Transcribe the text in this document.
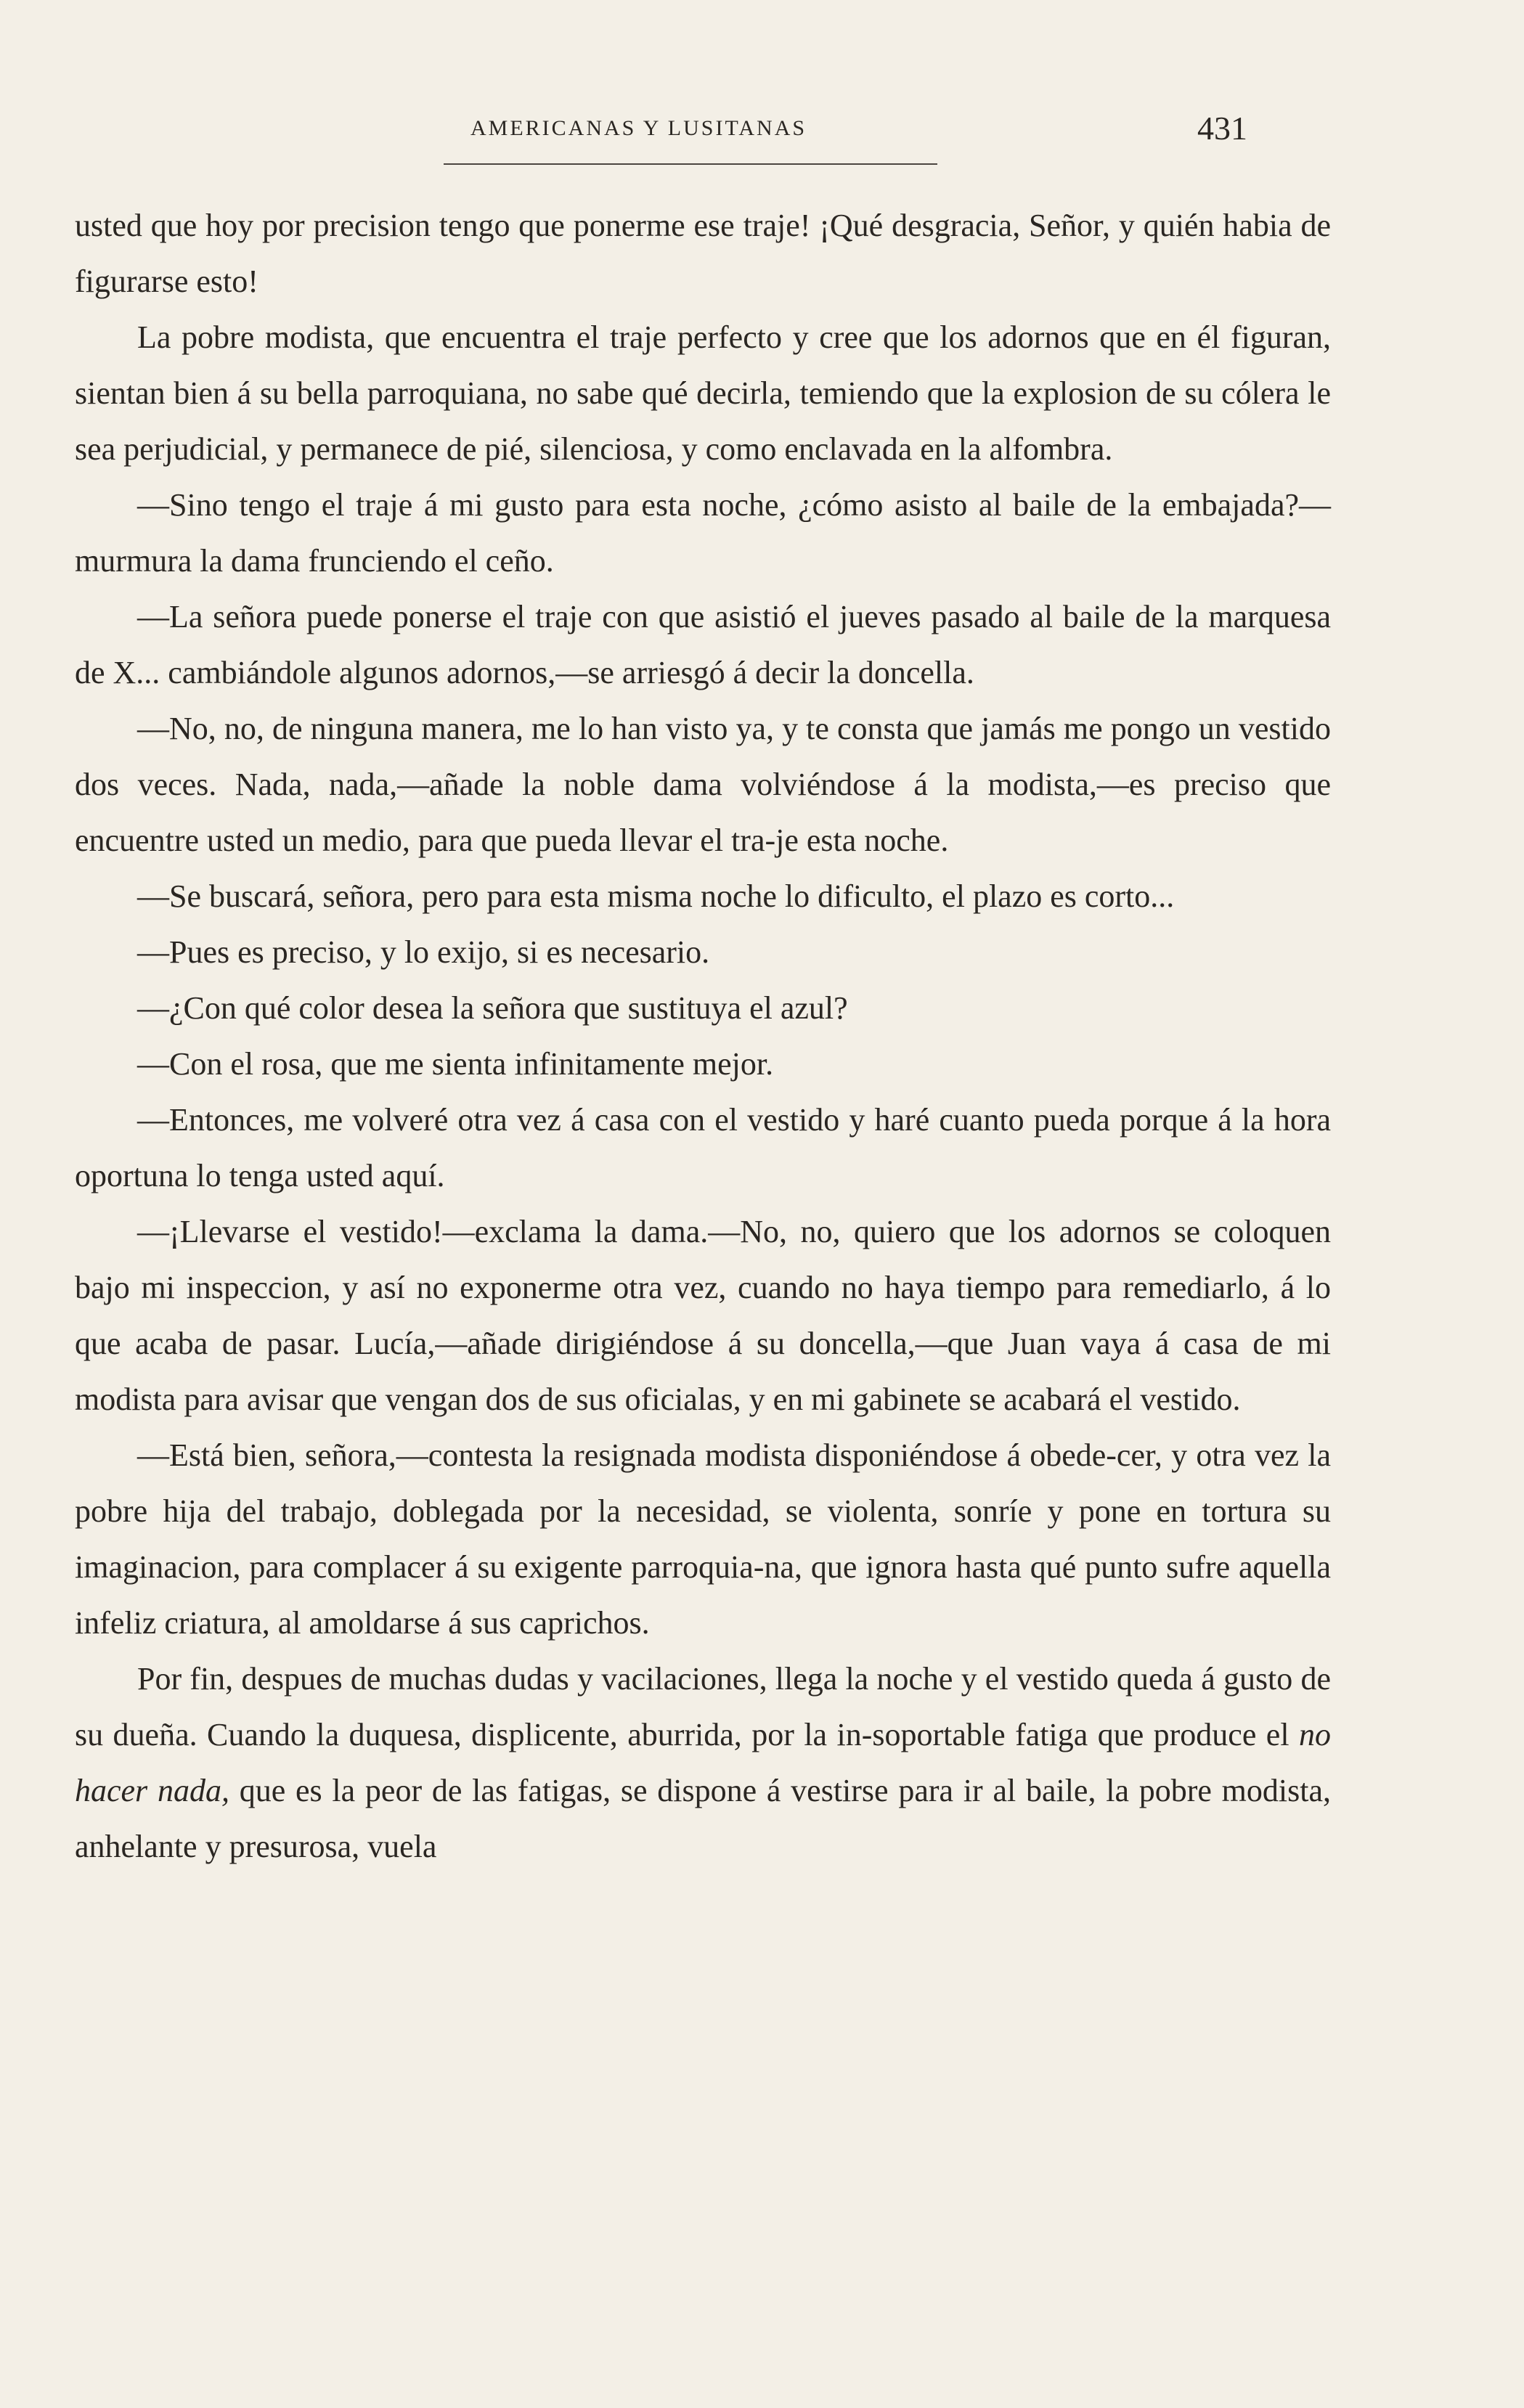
AMERICANAS Y LUSITANAS	431

usted que hoy por precision tengo que ponerme ese traje! ¡Qué desgracia, Señor, y quién habia de figurarse esto!

La pobre modista, que encuentra el traje perfecto y cree que los adornos que en él figuran, sientan bien á su bella parroquiana, no sabe qué decirla, temiendo que la explosion de su cólera le sea perjudicial, y permanece de pié, silenciosa, y como enclavada en la alfombra.

—Sino tengo el traje á mi gusto para esta noche, ¿cómo asisto al baile de la embajada?—murmura la dama frunciendo el ceño.

—La señora puede ponerse el traje con que asistió el jueves pasado al baile de la marquesa de X... cambiándole algunos adornos,—se arriesgó á decir la doncella.

—No, no, de ninguna manera, me lo han visto ya, y te consta que jamás me pongo un vestido dos veces. Nada, nada,—añade la noble dama volviéndose á la modista,—es preciso que encuentre usted un medio, para que pueda llevar el tra-je esta noche.

—Se buscará, señora, pero para esta misma noche lo dificulto, el plazo es corto...

—Pues es preciso, y lo exijo, si es necesario.

—¿Con qué color desea la señora que sustituya el azul?

—Con el rosa, que me sienta infinitamente mejor.

—Entonces, me volveré otra vez á casa con el vestido y haré cuanto pueda porque á la hora oportuna lo tenga usted aquí.

—¡Llevarse el vestido!—exclama la dama.—No, no, quiero que los adornos se coloquen bajo mi inspeccion, y así no exponerme otra vez, cuando no haya tiempo para remediarlo, á lo que acaba de pasar. Lucía,—añade dirigiéndose á su doncella,—que Juan vaya á casa de mi modista para avisar que vengan dos de sus oficialas, y en mi gabinete se acabará el vestido.

—Está bien, señora,—contesta la resignada modista disponiéndose á obede-cer, y otra vez la pobre hija del trabajo, doblegada por la necesidad, se violenta, sonríe y pone en tortura su imaginacion, para complacer á su exigente parroquia-na, que ignora hasta qué punto sufre aquella infeliz criatura, al amoldarse á sus caprichos.

Por fin, despues de muchas dudas y vacilaciones, llega la noche y el vestido queda á gusto de su dueña. Cuando la duquesa, displicente, aburrida, por la in-soportable fatiga que produce el no hacer nada, que es la peor de las fatigas, se dispone á vestirse para ir al baile, la pobre modista, anhelante y presurosa, vuela
